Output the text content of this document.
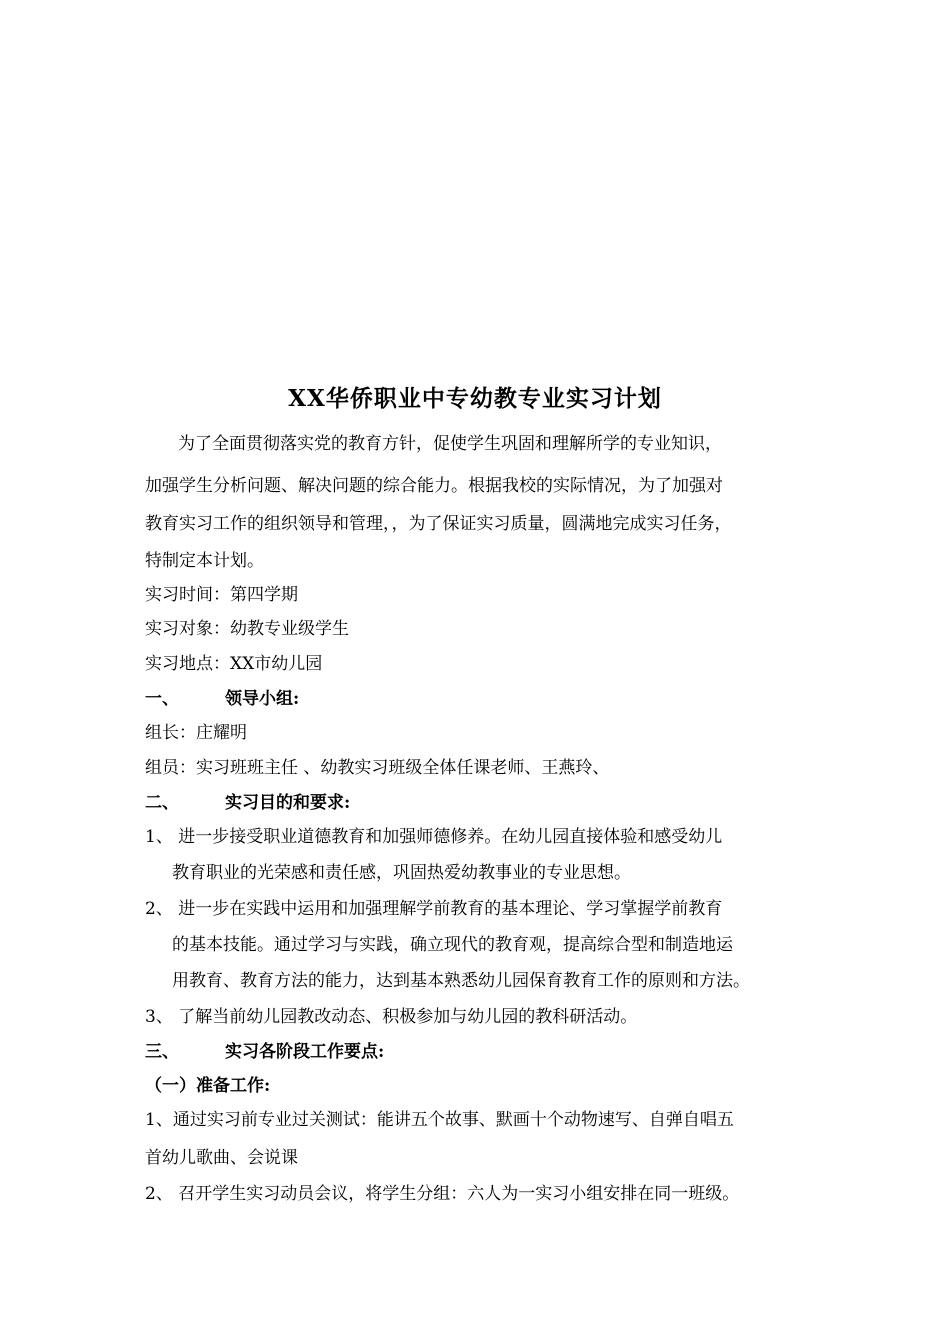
XX华侨职业中专幼教专业实习计划
为了全面贯彻落实党的教育方针，促使学生巩固和理解所学的专业知识，
加强学生分析问题、解决问题的综合能力。根据我校的实际情况，为了加强对
教育实习工作的组织领导和管理，，为了保证实习质量，圆满地完成实习任务，
特制定本计划。
实习时间：第四学期
实习对象：幼教专业级学生
实习地点：XX市幼儿园
一、	领导小组:
组长：庄耀明
组员：实习班班主任 、幼教实习班级全体任课老师、王燕玲、
二、	实习目的和要求:
1、 进一步接受职业道德教育和加强师德修养。在幼儿园直接体验和感受幼儿
教育职业的光荣感和责任感，巩固热爱幼教事业的专业思想。
2、 进一步在实践中运用和加强理解学前教育的基本理论、学习掌握学前教育
的基本技能。通过学习与实践，确立现代的教育观，提高综合型和制造地运
用教育、教育方法的能力，达到基本熟悉幼儿园保育教育工作的原则和方法。
3、 了解当前幼儿园教改动态、积极参加与幼儿园的教科研活动。
三、	实习各阶段工作要点:
（一）准备工作:
1、通过实习前专业过关测试：能讲五个故事、默画十个动物速写、自弹自唱五
首幼儿歌曲、会说课
2、 召开学生实习动员会议，将学生分组：六人为一实习小组安排在同一班级。
